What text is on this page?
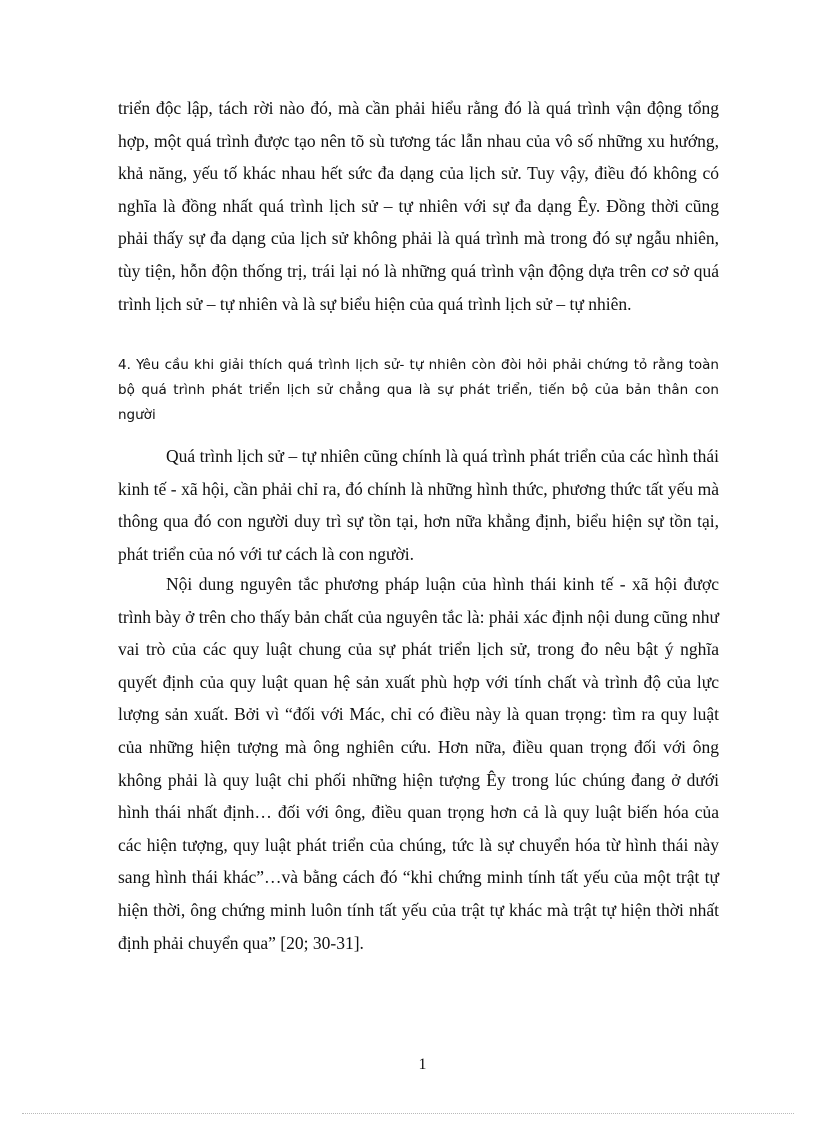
triển độc lập, tách rời nào đó, mà cần phải hiểu rằng đó là quá trình vận động tổng hợp, một quá trình được tạo nên tõ sù tương tác lẫn nhau của vô số những xu hướng, khả năng, yếu tố khác nhau hết sức đa dạng của lịch sử. Tuy vậy, điều đó không có nghĩa là đồng nhất quá trình lịch sử – tự nhiên với sự đa dạng Êy. Đồng thời cũng phải thấy sự đa dạng của lịch sử không phải là quá trình mà trong đó sự ngẫu nhiên, tùy tiện, hỗn độn thống trị, trái lại nó là những quá trình vận động dựa trên cơ sở quá trình lịch sử – tự nhiên và là sự biểu hiện của quá trình lịch sử – tự nhiên.

4. Yêu cầu khi giải thích quá trình lịch sử- tự nhiên còn đòi hỏi phải chứng tỏ rằng toàn bộ quá trình phát triển lịch sử chẳng qua là sự phát triển, tiến bộ của bản thân con người

Quá trình lịch sử – tự nhiên cũng chính là quá trình phát triển của các hình thái kinh tế - xã hội, cần phải chỉ ra, đó chính là những hình thức, phương thức tất yếu mà thông qua đó con người duy trì sự tồn tại, hơn nữa khẳng định, biểu hiện sự tồn tại, phát triển của nó với tư cách là con người.

Nội dung nguyên tắc phương pháp luận của hình thái kinh tế - xã hội được trình bày ở trên cho thấy bản chất của nguyên tắc là: phải xác định nội dung cũng như vai trò của các quy luật chung của sự phát triển lịch sử, trong đo nêu bật ý nghĩa quyết định của quy luật quan hệ sản xuất phù hợp với tính chất và trình độ của lực lượng sản xuất. Bởi vì “đối với Mác, chỉ có điều này là quan trọng: tìm ra quy luật của những hiện tượng mà ông nghiên cứu. Hơn nữa, điều quan trọng đối với ông không phải là quy luật chi phối những hiện tượng Êy trong lúc chúng đang ở dưới hình thái nhất định… đối với ông, điều quan trọng hơn cả là quy luật biến hóa của các hiện tượng, quy luật phát triển của chúng, tức là sự chuyển hóa từ hình thái này sang hình thái khác”…và bằng cách đó “khi chứng minh tính tất yếu của một trật tự hiện thời, ông chứng minh luôn tính tất yếu của trật tự khác mà trật tự hiện thời nhất định phải chuyển qua” [20; 30-31].

1
